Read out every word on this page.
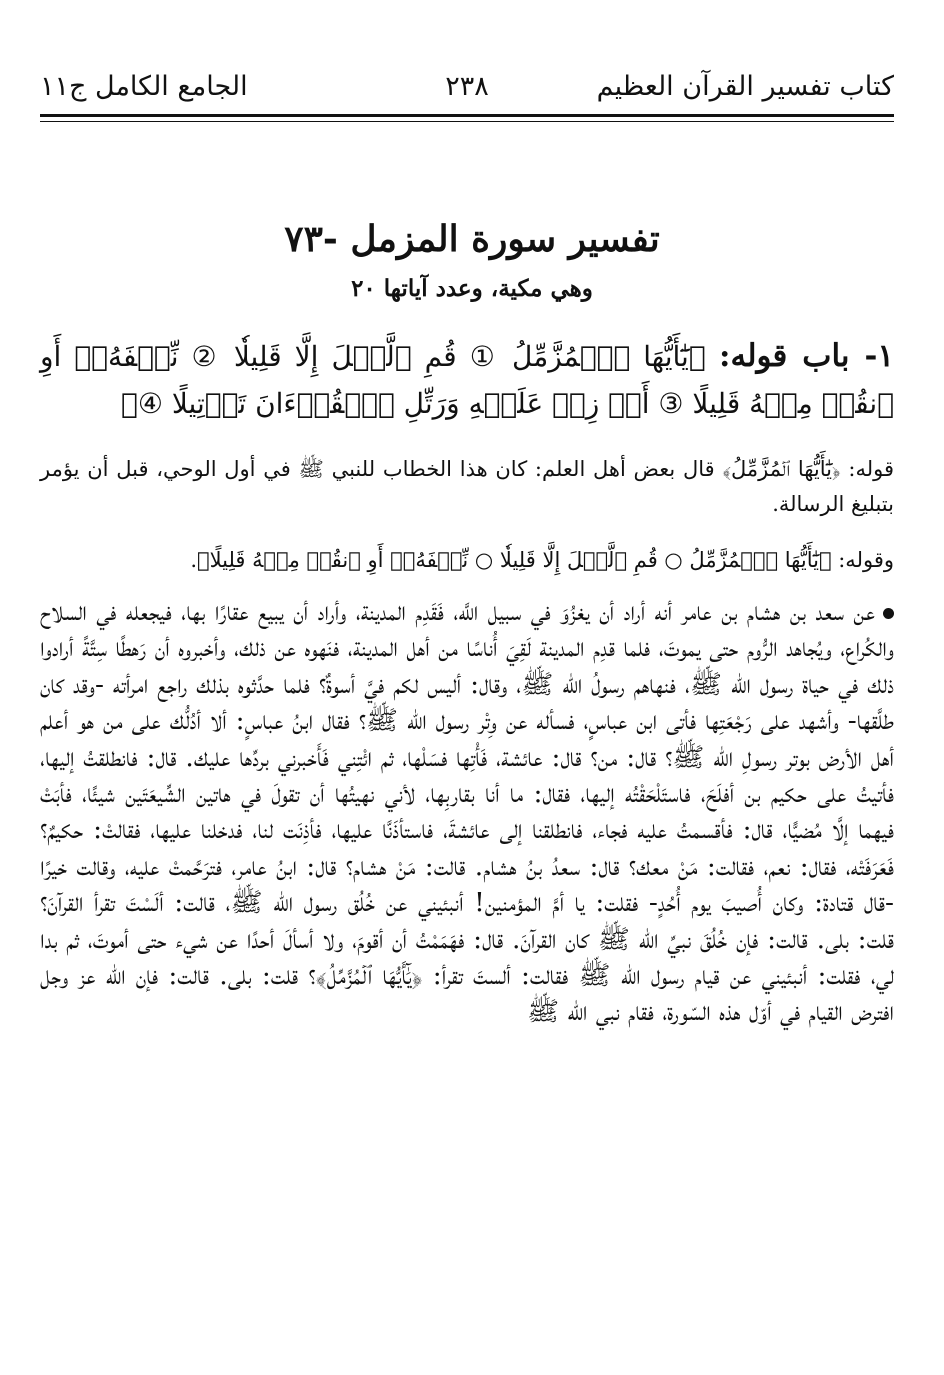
كتاب تفسير القرآن العظيم
٢٣٨
الجامع الكامل ج١١
تفسير سورة المزمل -٧٣
وهي مكية، وعدد آياتها ٢٠
١- باب قوله: ﴿يَٰٓأَيُّهَا ٱلۡمُزَّمِّلُ ① قُمِ ٱلَّيۡلَ إِلَّا قَلِيلٗا ② نِّصۡفَهُۥٓ أَوِ ٱنقُصۡ مِنۡهُ قَلِيلًا ③ أَوۡ زِدۡ عَلَيۡهِ وَرَتِّلِ ٱلۡقُرۡءَانَ تَرۡتِيلًا ④﴾
قوله: ﴿يَٰٓأَيُّهَا ٱلۡمُزَّمِّلُ﴾ قال بعض أهل العلم: كان هذا الخطاب للنبي ﷺ في أول الوحي، قبل أن يؤمر بتبليغ الرسالة.
وقوله: ﴿يَٰٓأَيُّهَا ٱلۡمُزَّمِّلُ ○ قُمِ ٱلَّيۡلَ إِلَّا قَلِيلٗا ○ نِّصۡفَهُۥٓ أَوِ ٱنقُصۡ مِنۡهُ قَلِيلًا﴾.

عن سعد بن هشام بن عامر أنه أراد أن يغزُوَ في سبيل اللَّه، فَقَدِم المدينة، وأراد أن يبيع عقارًا بها، فيجعله في السلاح والكُراع، ويُجاهد الرُّوم حتى يموتَ، فلما قدِم المدينة لَقِيَ أُناسًا من أهل المدينة، فنَهوه عن ذلك، وأخبروه أن رَهطًا سِتَّةً أرادوا ذلك في حياة رسول الله ﷺ، فنهاهم رسولُ الله ﷺ، وقال: أليس لكم فيَّ أسوةٌ؟ فلما حدَّثوه بذلك راجع امرأته -وقد كان طلَّقها- وأشهد على رَجْعَتِها فأتى ابن عباسٍ، فسأله عن وِتْر رسول الله ﷺ؟ فقال ابنُ عباسٍ: ألا أدُلُّك على من هو أعلم أهل الأرض بوتر رسولِ الله ﷺ؟ قال: من؟ قال: عائشة، فَأْتِها فسَلْها، ثم ائْتِني فَأَخبرني بردِّها عليك. قال: فانطلقتُ إليها، فأتيتُ على حكيم بن أفلَحَ، فاستَلْحَقْتُه إليها، فقال: ما أنا بقاربِها، لأني نهيتُها أن تقولَ في هاتين الشِّيعَتَين شيئًا، فأبَتْ فيهما إلَّا مُضيًّا، قال: فأقسمتُ عليه فجاء، فانطلقنا إلى عائشةَ، فاستأذَنَّا عليها، فأذِنَت لنا، فدخلنا عليها، فقالتْ: حكيمٌ؟ فَعَرَفَتْه، فقال: نعم، فقالت: مَنْ معك؟ قال: سعدُ بنُ هشام. قالت: مَنْ هشام؟ قال: ابنُ عامر، فترَحَّمتْ عليه، وقالت خيرًا -قال قتادة: وكان أُصيبَ يوم أُحُدٍ- فقلت: يا أمَّ المؤمنين! أنبئيني عن خُلُق رسول الله ﷺ، قالت: ألَسْتَ تقرأ القرآنَ؟ قلت: بلى. قالت: فإن خُلُقَ نبيِّ الله ﷺ كان القرآنَ. قال: فهَمَمْتُ أن أقومَ، ولا أسألَ أحدًا عن شيء حتى أموتَ، ثم بدا لي، فقلت: أنبئيني عن قيام رسول الله ﷺ فقالت: ألستَ تقرأ: ﴿يَٰٓأَيُّهَا ٱلۡمُزَّمِّلُ﴾؟ قلت: بلى. قالت: فإن الله عز وجل افترض القيام في أوّل هذه السّورة، فقام نبي الله ﷺ
